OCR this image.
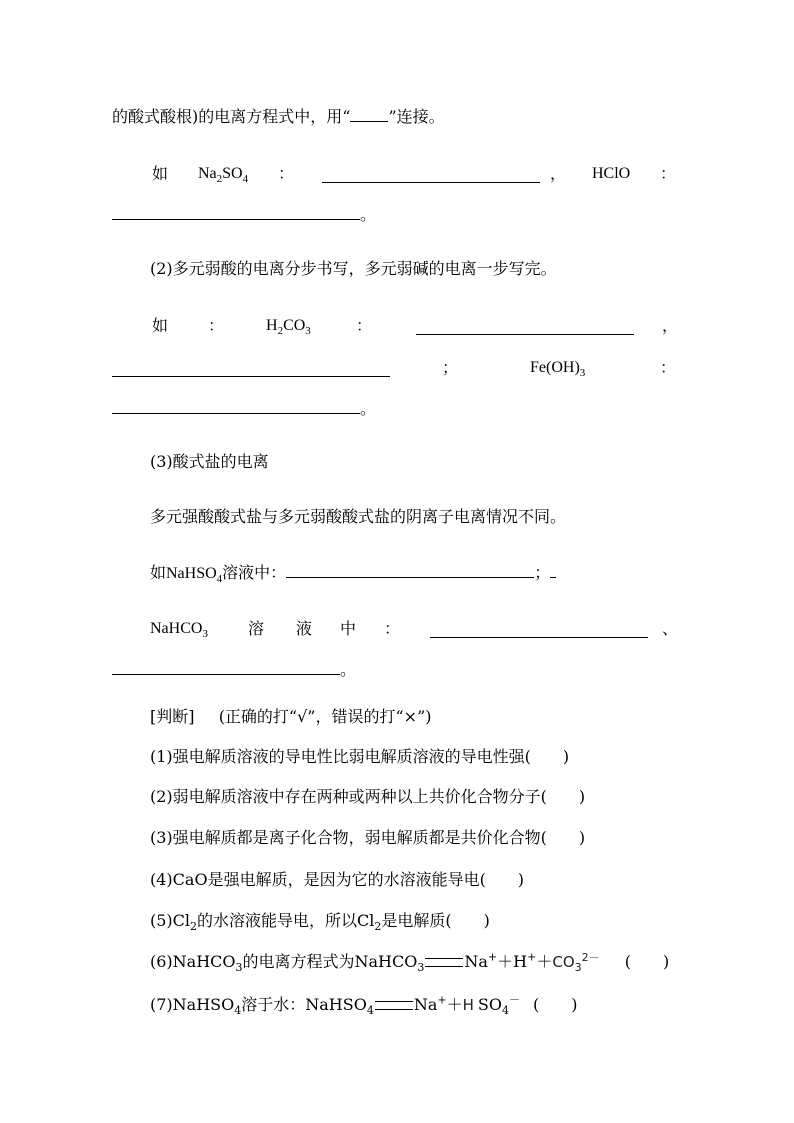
的酸式酸根)的电离方程式中，用“ ”连接。
如 $Na_2SO_4$ ：	， HClO ：
。
(2)多元弱酸的电离分步书写，多元弱碱的电离一步写完。
如 ：	$H_2CO_3$	：	，
；	$Fe(OH)_3$	：
。
(3)酸式盐的电离
多元强酸酸式盐与多元弱酸酸式盐的阴离子电离情况不同。
如NaHSO$_4$溶液中：	；
NaHCO$_3$	溶 液 中 ：	、
。
[判断] (正确的打“√”，错误的打“×”)
(1)强电解质溶液的导电性比弱电解质溶液的导电性强(　　)
(2)弱电解质溶液中存在两种或两种以上共价化合物分子(　　)
(3)强电解质都是离子化合物，弱电解质都是共价化合物(　　)
(4)CaO是强电解质，是因为它的水溶液能导电(　　)
$(5)Cl_2$的水溶液能导电，所以$Cl_2$是电解质(　　)
(6)NaHCO$_3$的电离方程式为NaHCO$_3$	$Na^++H^++CO_3^{2-}$ (　　)
(7)NaHSO$_4$溶于水：NaHSO$_4$	Na+＋H $SO_4^-$ (　　)
